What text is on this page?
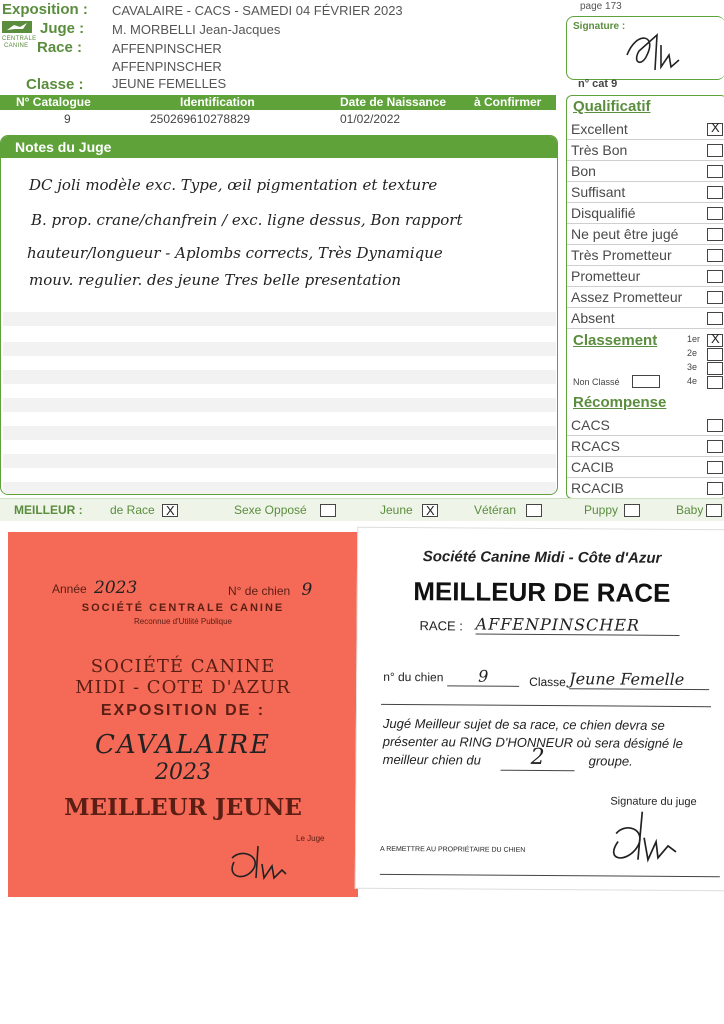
Exposition : CAVALAIRE - CACS - SAMEDI 04 FÉVRIER 2023	page 173
CENTRALE
CANINE
Juge : M. MORBELLI Jean-Jacques
Race : AFFENPINSCHER
AFFENPINSCHER
Classe : JEUNE FEMELLES
Signature :
n° cat 9
N° Catalogue	Identification	Date de Naissance à Confirmer
9	250269610278829	01/02/2022
Notes du Juge
DC joli modèle exc. Type, œil pigmentation et texture
B. prop. crane/chanfrein / exc. ligne dessus, Bon rapport
hauteur/longueur - Aplombs corrects, Très Dynamique
mouv. regulier. des jeune Tres belle presentation
Qualificatif
Excellent	X
Très Bon
Bon
Suffisant
Disqualifié
Ne peut être jugé
Très Prometteur
Prometteur
Assez Prometteur
Absent
Classement	1er X
2e
3e
4e
Non Classé
Récompense
CACS
RCACS
CACIB
RCACIB
MEILLEUR : de Race X	Sexe Opposé	Jeune X	Vétéran	Puppy	Baby
Année 2023	N° de chien 9
SOCIÉTÉ CENTRALE CANINE
Reconnue d'Utilité Publique
SOCIÉTÉ CANINE
MIDI - COTE D'AZUR
EXPOSITION DE :
CAVALAIRE
2023
MEILLEUR JEUNE
Le Juge
Société Canine Midi - Côte d'Azur
MEILLEUR DE RACE
RACE : AFFENPINSCHER
n° du chien	9	Classe Jeune Femelle
Jugé Meilleur sujet de sa race, ce chien devra se
présenter au RING D'HONNEUR où sera désigné le
meilleur chien du	2	groupe.
Signature du juge
A REMETTRE AU PROPRIÉTAIRE DU CHIEN
